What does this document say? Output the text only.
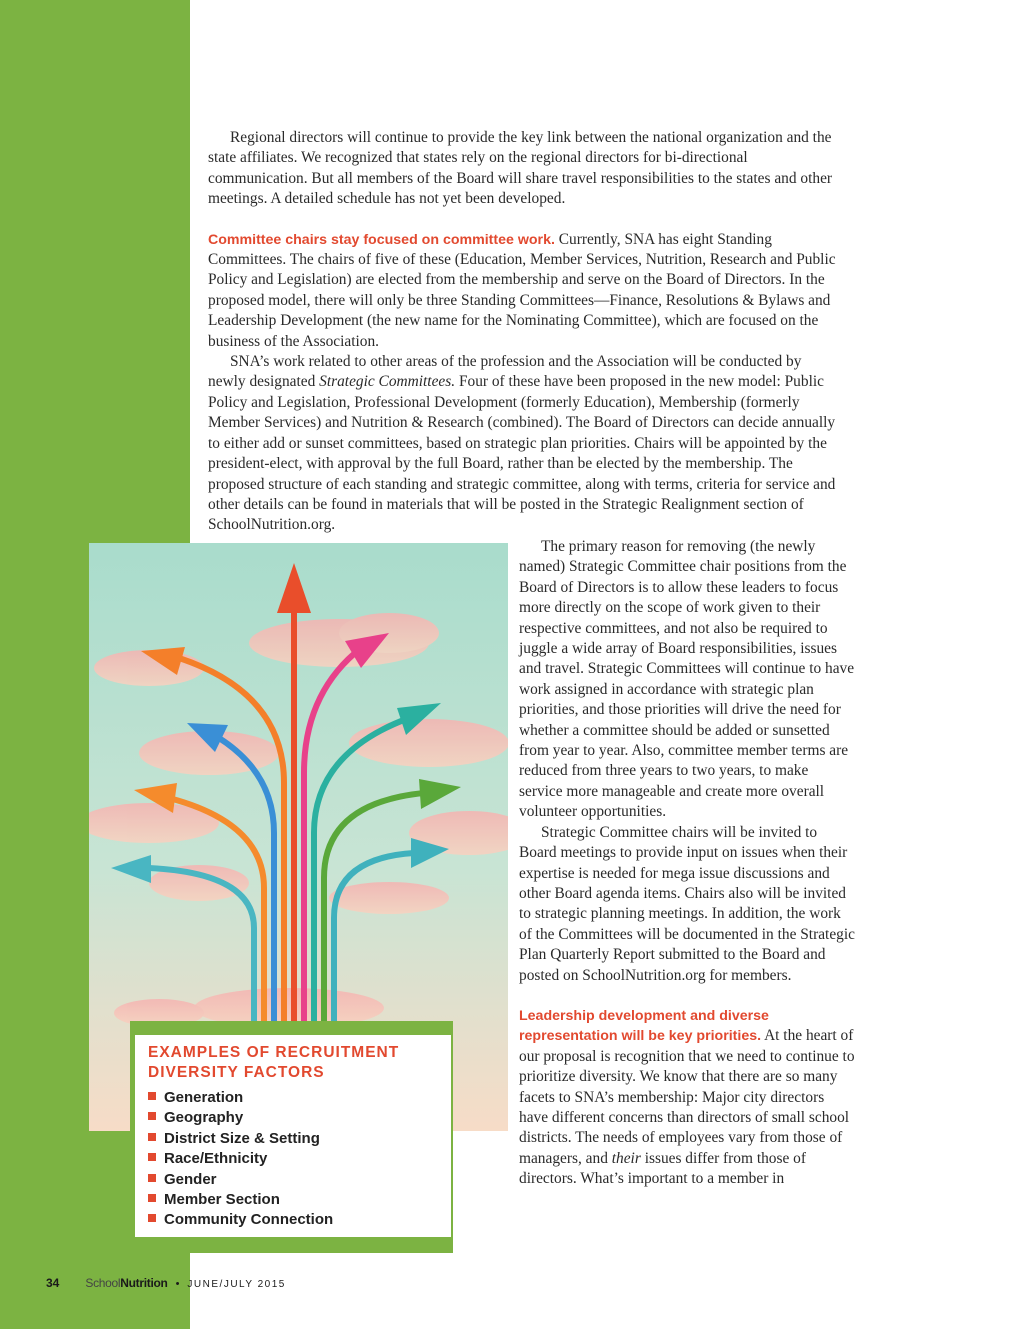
Regional directors will continue to provide the key link between the national organization and the state affiliates. We recognized that states rely on the regional directors for bi-directional communication. But all members of the Board will share travel responsibilities to the states and other meetings. A detailed schedule has not yet been developed.

Committee chairs stay focused on committee work. Currently, SNA has eight Standing Committees. The chairs of five of these (Education, Member Services, Nutrition, Research and Public Policy and Legislation) are elected from the membership and serve on the Board of Directors. In the proposed model, there will only be three Standing Committees—Finance, Resolutions & Bylaws and Leadership Development (the new name for the Nominating Committee), which are focused on the business of the Association.

SNA’s work related to other areas of the profession and the Association will be conducted by newly designated Strategic Committees. Four of these have been proposed in the new model: Public Policy and Legislation, Professional Development (formerly Education), Membership (formerly Member Services) and Nutrition & Research (combined). The Board of Directors can decide annually to either add or sunset committees, based on strategic plan priorities. Chairs will be appointed by the president-elect, with approval by the full Board, rather than be elected by the membership. The proposed structure of each standing and strategic committee, along with terms, criteria for service and other details can be found in materials that will be posted in the Strategic Realignment section of SchoolNutrition.org.

EXAMPLES OF RECRUITMENT DIVERSITY FACTORS
Generation
Geography
District Size & Setting
Race/Ethnicity
Gender
Member Section
Community Connection

The primary reason for removing (the newly named) Strategic Committee chair positions from the Board of Directors is to allow these leaders to focus more directly on the scope of work given to their respective committees, and not also be required to juggle a wide array of Board responsibilities, issues and travel. Strategic Committees will continue to have work assigned in accordance with strategic plan priorities, and those priorities will drive the need for whether a committee should be added or sunsetted from year to year. Also, committee member terms are reduced from three years to two years, to make service more manageable and create more overall volunteer opportunities.

Strategic Committee chairs will be invited to Board meetings to provide input on issues when their expertise is needed for mega issue discussions and other Board agenda items. Chairs also will be invited to strategic planning meetings. In addition, the work of the Committees will be documented in the Strategic Plan Quarterly Report submitted to the Board and posted on SchoolNutrition.org for members.

Leadership development and diverse representation will be key priorities. At the heart of our proposal is recognition that we need to continue to prioritize diversity. We know that there are so many facets to SNA’s membership: Major city directors have different concerns than directors of small school districts. The needs of employees vary from those of managers, and their issues differ from those of directors. What’s important to a member in

34 SchoolNutrition • JUNE/JULY 2015
